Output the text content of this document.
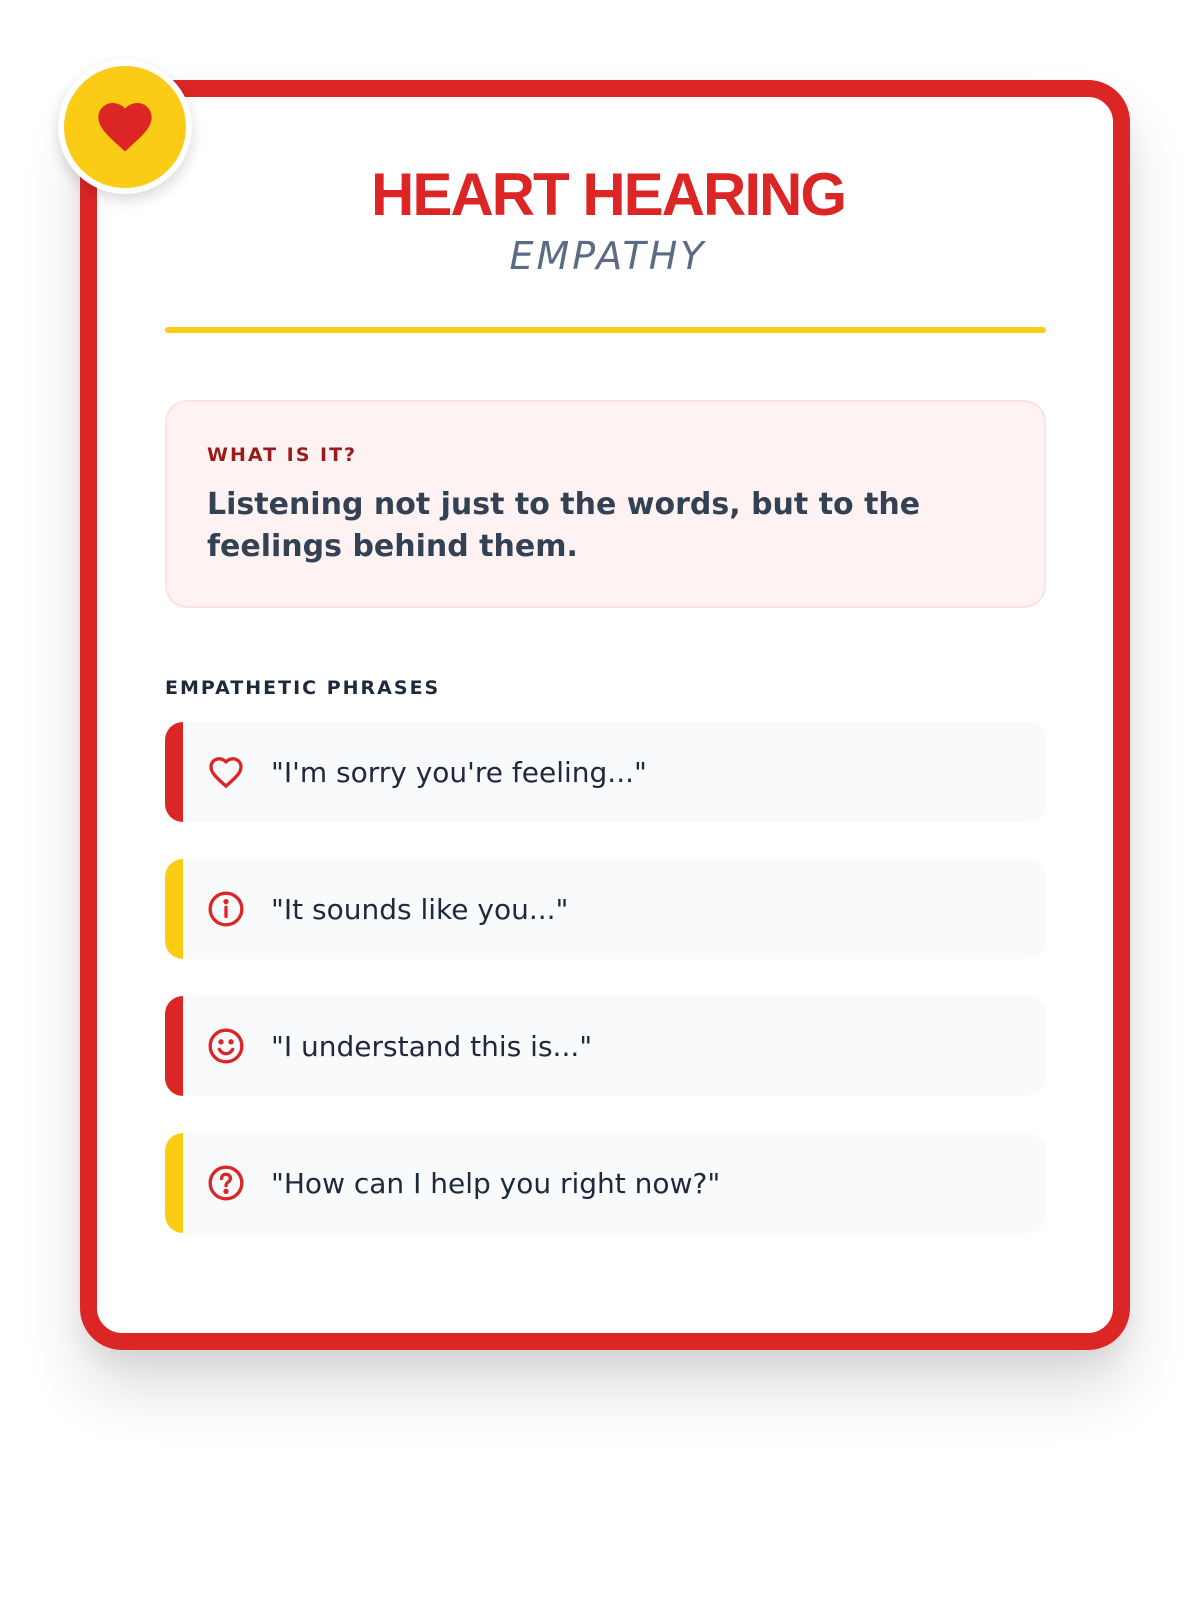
HEART HEARING
EMPATHY
WHAT IS IT?
Listening not just to the words, but to the feelings behind them.
EMPATHETIC PHRASES
"I'm sorry you're feeling..."
"It sounds like you..."
"I understand this is..."
"How can I help you right now?"
